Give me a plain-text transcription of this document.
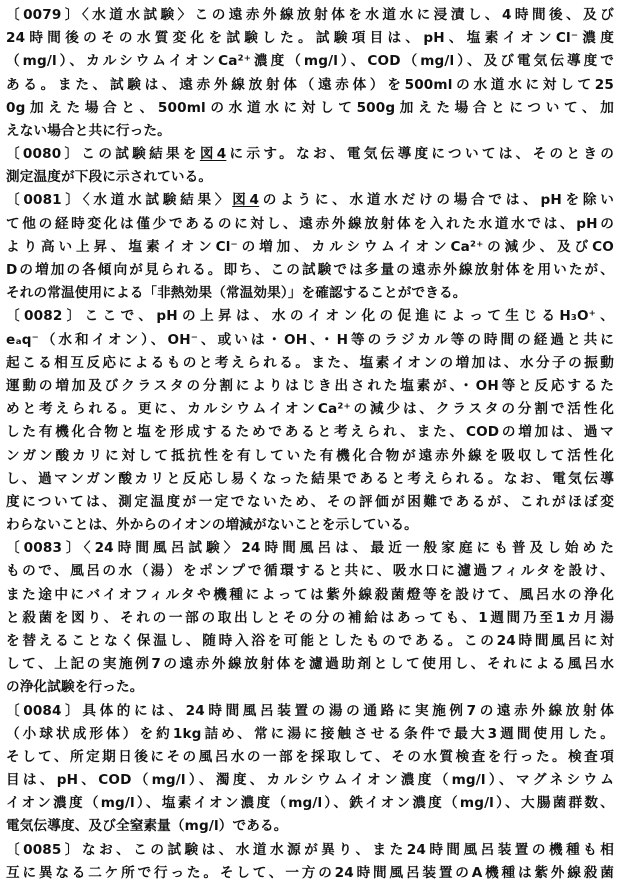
〔0079〕〈水道水試験〉この遠赤外線放射体を水道水に浸漬し、4時間後、及び
24時間後のその水質変化を試験した。試験項目は、pH、塩素イオンCl⁻濃度
（mg/l）、カルシウムイオンCa²⁺濃度（mg/l）、COD（mg/l）、及び電気伝導度で
ある。また、試験は、遠赤外線放射体（遠赤体）を500mlの水道水に対して25
0g加えた場合と、500mlの水道水に対して500g加えた場合とについて、加
えない場合と共に行った。
〔0080〕この試験結果を図4に示す。なお、電気伝導度については、そのときの
測定温度が下段に示されている。
〔0081〕〈水道水試験結果〉図4のように、水道水だけの場合では、pHを除い
て他の経時変化は僅少であるのに対し、遠赤外線放射体を入れた水道水では、pHの
より高い上昇、塩素イオンCl⁻の増加、カルシウムイオンCa²⁺の減少、及びCO
Dの増加の各傾向が見られる。即ち、この試験では多量の遠赤外線放射体を用いたが、
それの常温使用による「非熱効果（常温効果）」を確認することができる。
〔0082〕ここで、pHの上昇は、水のイオン化の促進によって生じるH₃O⁺、
eₐq⁻（水和イオン）、OH⁻、或いは・OH、・H等のラジカル等の時間の経過と共に
起こる相互反応によるものと考えられる。また、塩素イオンの増加は、水分子の振動
運動の増加及びクラスタの分割によりはじき出された塩素が、・OH等と反応するた
めと考えられる。更に、カルシウムイオンCa²⁺の減少は、クラスタの分割で活性化
した有機化合物と塩を形成するためであると考えられ、また、CODの増加は、過マ
ンガン酸カリに対して抵抗性を有していた有機化合物が遠赤外線を吸収して活性化
し、過マンガン酸カリと反応し易くなった結果であると考えられる。なお、電気伝導
度については、測定温度が一定でないため、その評価が困難であるが、これがほぼ変
わらないことは、外からのイオンの増減がないことを示している。
〔0083〕〈24時間風呂試験〉24時間風呂は、最近一般家庭にも普及し始めた
もので、風呂の水（湯）をポンプで循環すると共に、吸水口に濾過フィルタを設け、
また途中にバイオフィルタや機種によっては紫外線殺菌燈等を設けて、風呂水の浄化
と殺菌を図り、それの一部の取出しとその分の補給はあっても、1週間乃至1カ月湯
を替えることなく保温し、随時入浴を可能としたものである。この24時間風呂に対
して、上記の実施例7の遠赤外線放射体を濾過助剤として使用し、それによる風呂水
の浄化試験を行った。
〔0084〕具体的には、24時間風呂装置の湯の通路に実施例7の遠赤外線放射体
（小球状成形体）を約1kg詰め、常に湯に接触させる条件で最大3週間使用した。
そして、所定期日後にその風呂水の一部を採取して、その水質検査を行った。検査項
目は、pH、COD（mg/l）、濁度、カルシウムイオン濃度（mg/l）、マグネシウム
イオン濃度（mg/l）、塩素イオン濃度（mg/l）、鉄イオン濃度（mg/l）、大腸菌群数、
電気伝導度、及び全窒素量（mg/l）である。
〔0085〕なお、この試験は、水道水源が異り、また24時間風呂装置の機種も相
互に異なる二ケ所で行った。そして、一方の24時間風呂装置のA機種は紫外線殺菌
